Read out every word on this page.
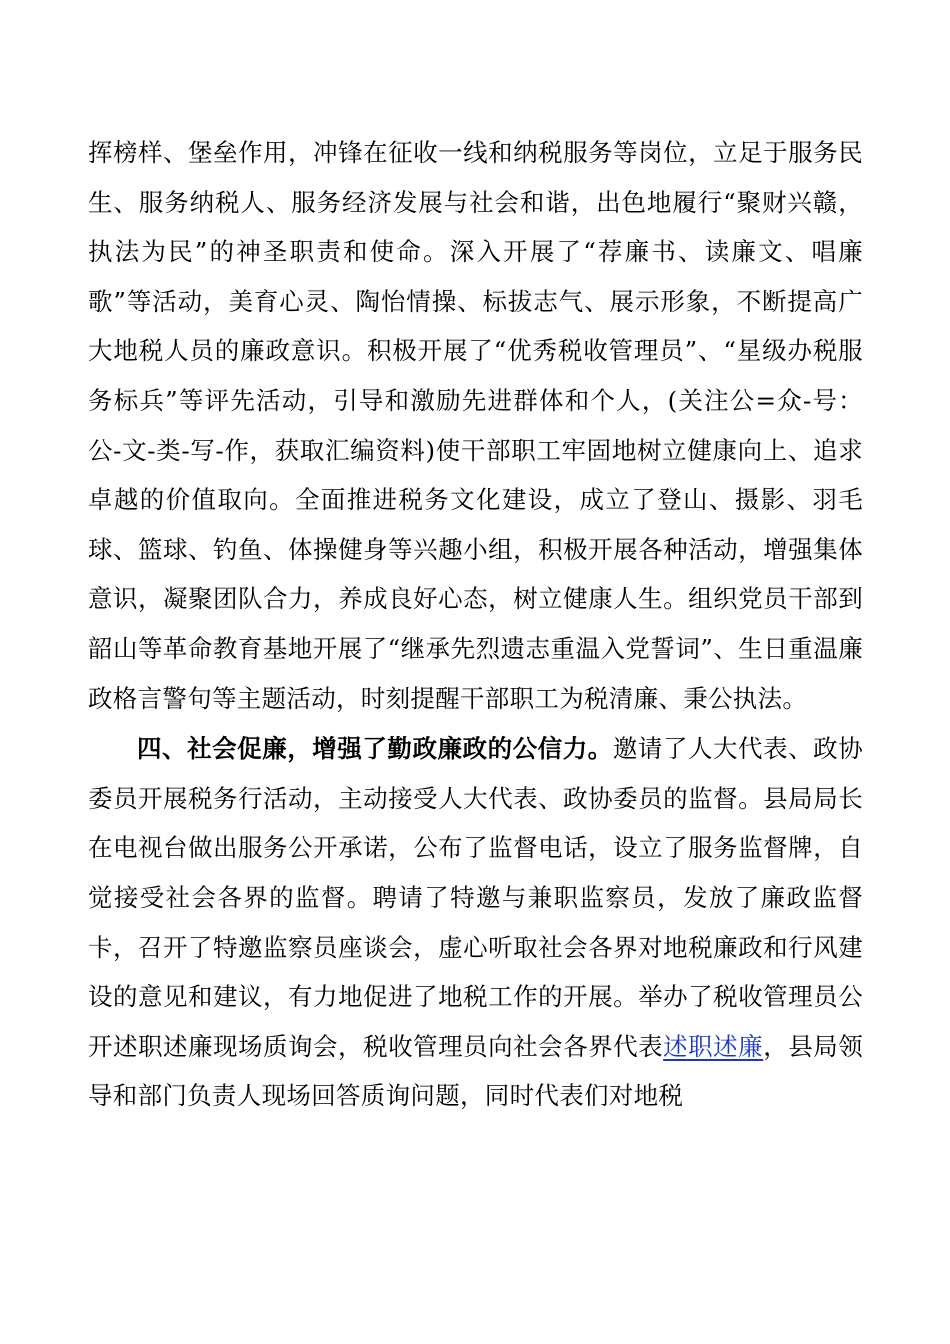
挥榜样、堡垒作用，冲锋在征收一线和纳税服务等岗位，立足于服务民生、服务纳税人、服务经济发展与社会和谐，出色地履行“聚财兴赣，执法为民”的神圣职责和使命。深入开展了“荐廉书、读廉文、唱廉歌”等活动，美育心灵、陶怡情操、标拔志气、展示形象，不断提高广大地税人员的廉政意识。积极开展了“优秀税收管理员”、“星级办税服务标兵”等评先活动，引导和激励先进群体和个人，(关注公=众-号：公-文-类-写-作，获取汇编资料)使干部职工牢固地树立健康向上、追求卓越的价值取向。全面推进税务文化建设，成立了登山、摄影、羽毛球、篮球、钓鱼、体操健身等兴趣小组，积极开展各种活动，增强集体意识，凝聚团队合力，养成良好心态，树立健康人生。组织党员干部到韶山等革命教育基地开展了“继承先烈遗志重温入党誓词”、生日重温廉政格言警句等主题活动，时刻提醒干部职工为税清廉、秉公执法。

四、社会促廉，增强了勤政廉政的公信力。邀请了人大代表、政协委员开展税务行活动，主动接受人大代表、政协委员的监督。县局局长在电视台做出服务公开承诺，公布了监督电话，设立了服务监督牌，自觉接受社会各界的监督。聘请了特邀与兼职监察员，发放了廉政监督卡，召开了特邀监察员座谈会，虚心听取社会各界对地税廉政和行风建设的意见和建议，有力地促进了地税工作的开展。举办了税收管理员公开述职述廉现场质询会，税收管理员向社会各界代表述职述廉，县局领导和部门负责人现场回答质询问题，同时代表们对地税
